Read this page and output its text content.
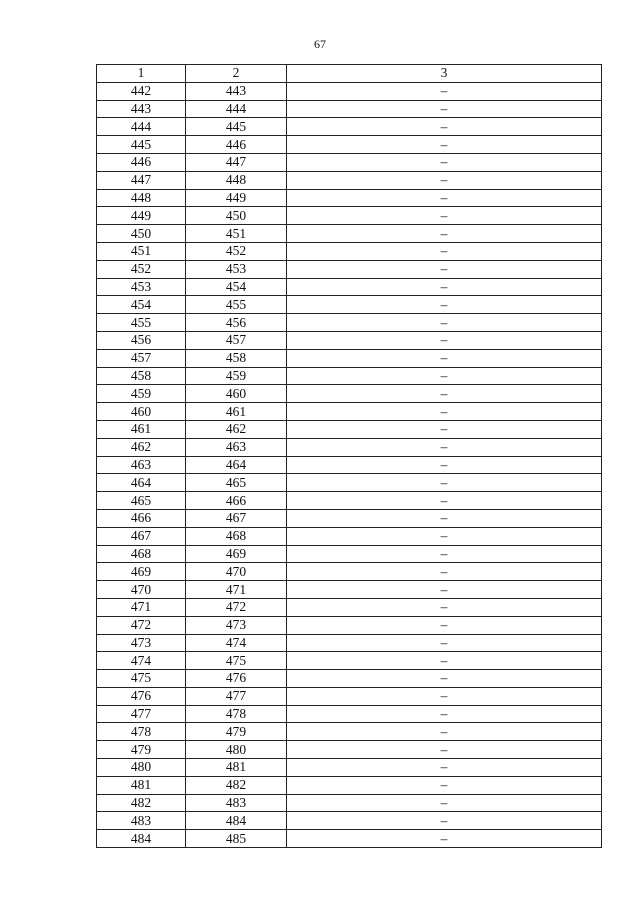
67
1	2	3
442	443	–
443	444	–
444	445	–
445	446	–
446	447	–
447	448	–
448	449	–
449	450	–
450	451	–
451	452	–
452	453	–
453	454	–
454	455	–
455	456	–
456	457	–
457	458	–
458	459	–
459	460	–
460	461	–
461	462	–
462	463	–
463	464	–
464	465	–
465	466	–
466	467	–
467	468	–
468	469	–
469	470	–
470	471	–
471	472	–
472	473	–
473	474	–
474	475	–
475	476	–
476	477	–
477	478	–
478	479	–
479	480	–
480	481	–
481	482	–
482	483	–
483	484	–
484	485	–
